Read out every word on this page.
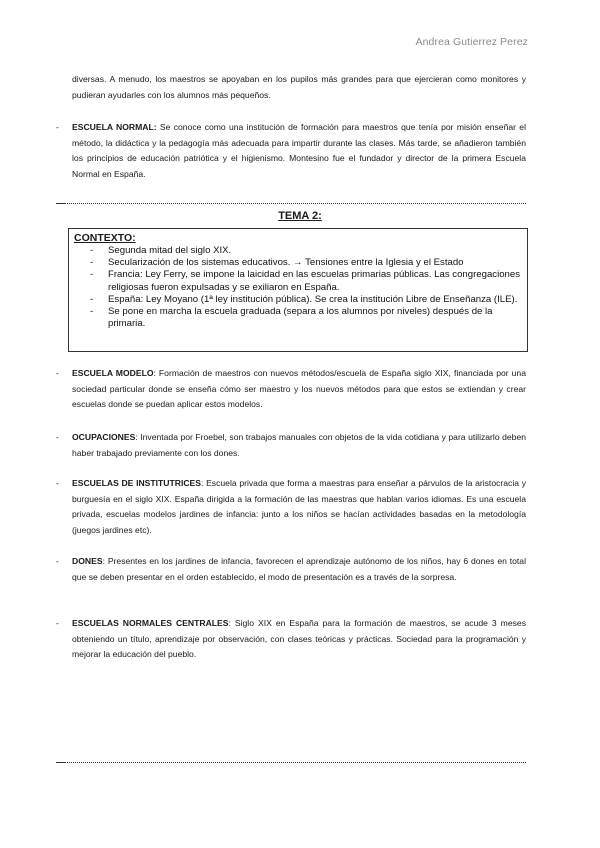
Andrea Gutierrez Perez
diversas. A menudo, los maestros se apoyaban en los pupilos más grandes para que ejercieran como monitores y pudieran ayudarles con los alumnos más pequeños.
- ESCUELA NORMAL: Se conoce como una institución de formación para maestros que tenía por misión enseñar el método, la didáctica y la pedagogía más adecuada para impartir durante las clases. Más tarde, se añadieron también los principios de educación patriótica y el higienismo. Montesino fue el fundador y director de la primera Escuela Normal en España.
TEMA 2:
CONTEXTO:
- Segunda mitad del siglo XIX.
- Secularización de los sistemas educativos. → Tensiones entre la Iglesia y el Estado
- Francia: Ley Ferry, se impone la laicidad en las escuelas primarias públicas. Las congregaciones religiosas fueron expulsadas y se exiliaron en España.
- España: Ley Moyano (1ª ley institución pública). Se crea la institución Libre de Enseñanza (ILE).
- Se pone en marcha la escuela graduada (separa a los alumnos por niveles) después de la primaria.
- ESCUELA MODELO: Formación de maestros con nuevos métodos/escuela de España siglo XIX, financiada por una sociedad particular donde se enseña cómo ser maestro y los nuevos métodos para que estos se extiendan y crear escuelas donde se puedan aplicar estos modelos.
- OCUPACIONES: Inventada por Froebel, son trabajos manuales con objetos de la vida cotidiana y para utilizarlo deben haber trabajado previamente con los dones.
- ESCUELAS DE INSTITUTRICES: Escuela privada que forma a maestras para enseñar a párvulos de la aristocracia y burguesía en el siglo XIX. España dirigida a la formación de las maestras que hablan varios idiomas. Es una escuela privada, escuelas modelos jardines de infancia: junto a los niños se hacían actividades basadas en la metodología (juegos jardines etc).
- DONES: Presentes en los jardines de infancia, favorecen el aprendizaje autónomo de los niños, hay 6 dones en total que se deben presentar en el orden establecido, el modo de presentación es a través de la sorpresa.
- ESCUELAS NORMALES CENTRALES: Siglo XIX en España para la formación de maestros, se acude 3 meses obteniendo un título, aprendizaje por observación, con clases teóricas y prácticas. Sociedad para la programación y mejorar la educación del pueblo.
